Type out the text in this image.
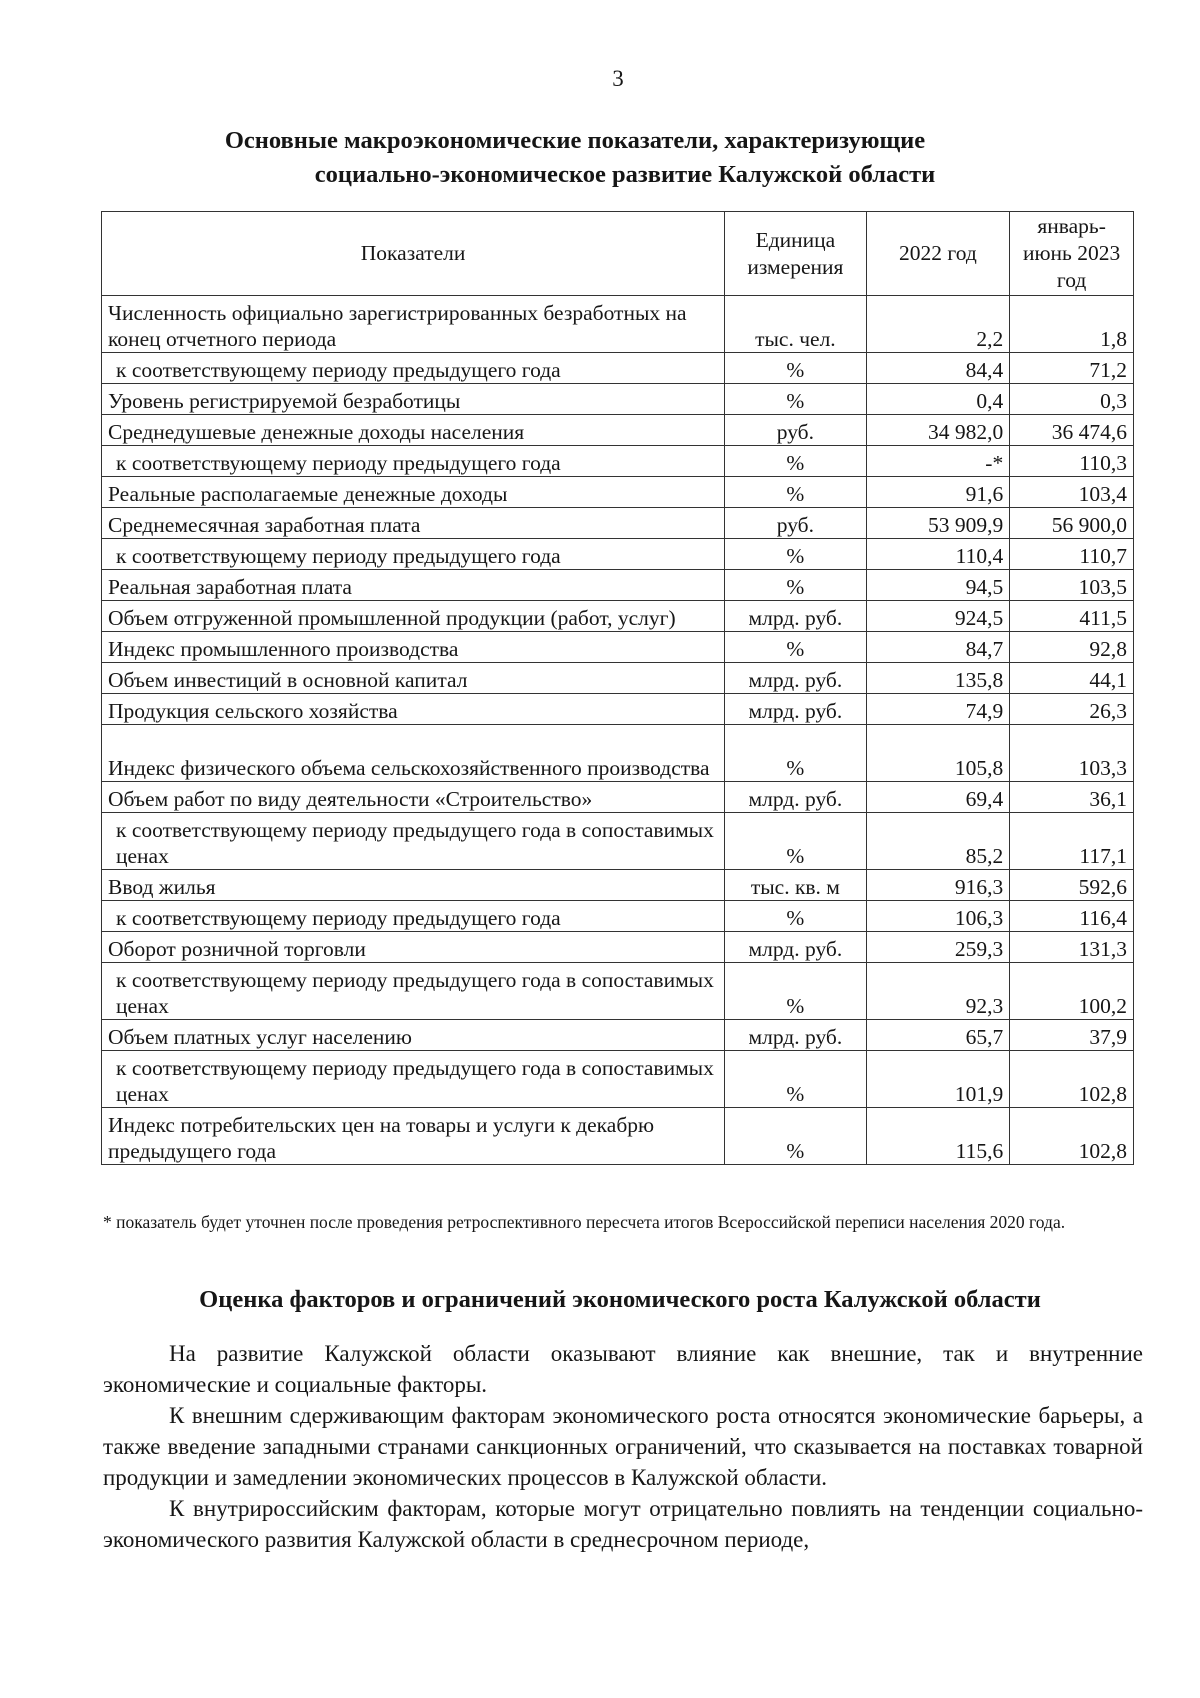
3
Основные макроэкономические показатели, характеризующие
социально-экономическое развитие Калужской области
Показатели	Единица измерения	2022 год	январь-июнь 2023 год
Численность официально зарегистрированных безработных на конец отчетного периода	тыс. чел.	2,2	1,8
к соответствующему периоду предыдущего года	%	84,4	71,2
Уровень регистрируемой безработицы	%	0,4	0,3
Среднедушевые денежные доходы населения	руб.	34 982,0	36 474,6
к соответствующему периоду предыдущего года	%	-*	110,3
Реальные располагаемые денежные доходы	%	91,6	103,4
Среднемесячная заработная плата	руб.	53 909,9	56 900,0
к соответствующему периоду предыдущего года	%	110,4	110,7
Реальная заработная плата	%	94,5	103,5
Объем отгруженной промышленной продукции (работ, услуг)	млрд. руб.	924,5	411,5
Индекс промышленного производства	%	84,7	92,8
Объем инвестиций в основной капитал	млрд. руб.	135,8	44,1
Продукция сельского хозяйства	млрд. руб.	74,9	26,3
Индекс физического объема сельскохозяйственного производства	%	105,8	103,3
Объем работ по виду деятельности «Строительство»	млрд. руб.	69,4	36,1
к соответствующему периоду предыдущего года в сопоставимых ценах	%	85,2	117,1
Ввод жилья	тыс. кв. м	916,3	592,6
к соответствующему периоду предыдущего года	%	106,3	116,4
Оборот розничной торговли	млрд. руб.	259,3	131,3
к соответствующему периоду предыдущего года в сопоставимых ценах	%	92,3	100,2
Объем платных услуг населению	млрд. руб.	65,7	37,9
к соответствующему периоду предыдущего года в сопоставимых ценах	%	101,9	102,8
Индекс потребительских цен на товары и услуги к декабрю предыдущего года	%	115,6	102,8
* показатель будет уточнен после проведения ретроспективного пересчета итогов Всероссийской переписи населения 2020 года.
Оценка факторов и ограничений экономического роста Калужской области

На развитие Калужской области оказывают влияние как внешние, так и внутренние экономические и социальные факторы.

К внешним сдерживающим факторам экономического роста относятся экономические барьеры, а также введение западными странами санкционных ограничений, что сказывается на поставках товарной продукции и замедлении экономических процессов в Калужской области.

К внутрироссийским факторам, которые могут отрицательно повлиять на тенденции социально-экономического развития Калужской области в среднесрочном периоде,
